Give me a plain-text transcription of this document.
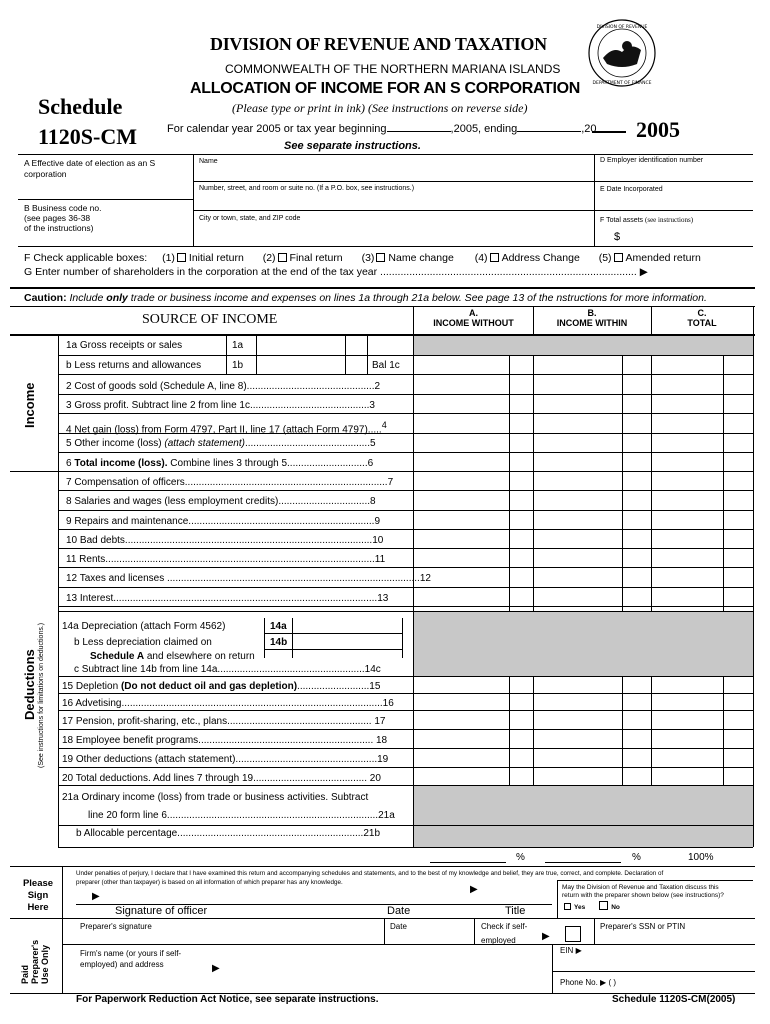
DIVISION OF REVENUE AND TAXATION
COMMONWEALTH OF THE NORTHERN MARIANA ISLANDS
ALLOCATION OF INCOME FOR AN S CORPORATION
(Please type or print in ink) (See instructions on reverse side)
DIVISION OF REVENUE
DEPARTMENT OF FINANCE
Schedule
1120S-CM	For calendar year 2005 or tax year beginning	,2005, ending	,20 2005
See separate instructions.
A Effective date of election as an S corporation
B Business code no.
(see pages 36-38
of the instructions)
Name
Number, street, and room or suite no. (If a P.O. box, see instructions.)
City or town, state, and ZIP code
D Employer identification number
E Date Incorporated
F Total assets (see instructions)
$
F Check applicable boxes: (1) Initial return (2) Final return (3) Name change (4) Address Change (5) Amended return
G Enter number of shareholders in the corporation at the end of the tax year ........................................................................................ ▶
Caution: Include only trade or business income and expenses on lines 1a through 21a below. See page 13 of the nstructions for more information.
SOURCE OF INCOME	A.
INCOME WITHOUT
B.
INCOME WITHIN
C.
TOTAL
Income
Deductions (See instructions for limitations on deductions.)
1a Gross receipts or sales	1a
b Less returns and allowances	1b	Bal 1c
2 Cost of goods sold (Schedule A, line 8)..............................................2
3 Gross profit. Subtract line 2 from line 1c...........................................3
4 Net gain (loss) from Form 4797, Part II, line 17 (attach Form 4797).....$^4$
5 Other income (loss) (attach statement).............................................5
6 Total income (loss). Combine lines 3 through 5.............................6
7 Compensation of officers.........................................................................7
8 Salaries and wages (less employment credits).................................8
9 Repairs and maintenance...................................................................9
10 Bad debts.........................................................................................10
11 Rents.................................................................................................11
12 Taxes and licenses ...........................................................................................12
13 Interest...............................................................................................13
14a Depreciation (attach Form 4562)	14a
b Less depreciation claimed on	14b
Schedule A and elsewhere on return
c Subtract line 14b from line 14a.....................................................14c
15 Depletion (Do not deduct oil and gas depletion)..........................15
16 Advetising..............................................................................................16
17 Pension, profit-sharing, etc., plans.................................................... 17
18 Employee benefit programs............................................................... 18
19 Other deductions (attach statement)...................................................19
20 Total deductions. Add lines 7 through 19......................................... 20
21a Ordinary income (loss) from trade or business activities. Subtract
line 20 form line 6............................................................................21a
b Allocable percentage...................................................................21b
%	%	100%
Under penalties of perjury, I declare that I have examined this return and accompanying schedules and statements, and to the best of my knowledge and belief, they are true, correct, and complete. Declaration of
preparer (other than taxpayer) is based on all information of which preparer has any knowledge.
Please
Sign
Here
▶
▶
Signature of officer	Date	Title
May the Division of Revenue and Taxation discuss this
return with the preparer shown below (see instructions)?
Yes	No
Paid Preparer's Use Only
Preparer's signature	Date	Check if self-
employed	▶
Preparer's SSN or PTIN
Firm's name (or yours if self-
employed) and address	▶
EIN ▶
Phone No. ▶ ( )
For Paperwork Reduction Act Notice, see separate instructions.	Schedule 1120S-CM(2005)
